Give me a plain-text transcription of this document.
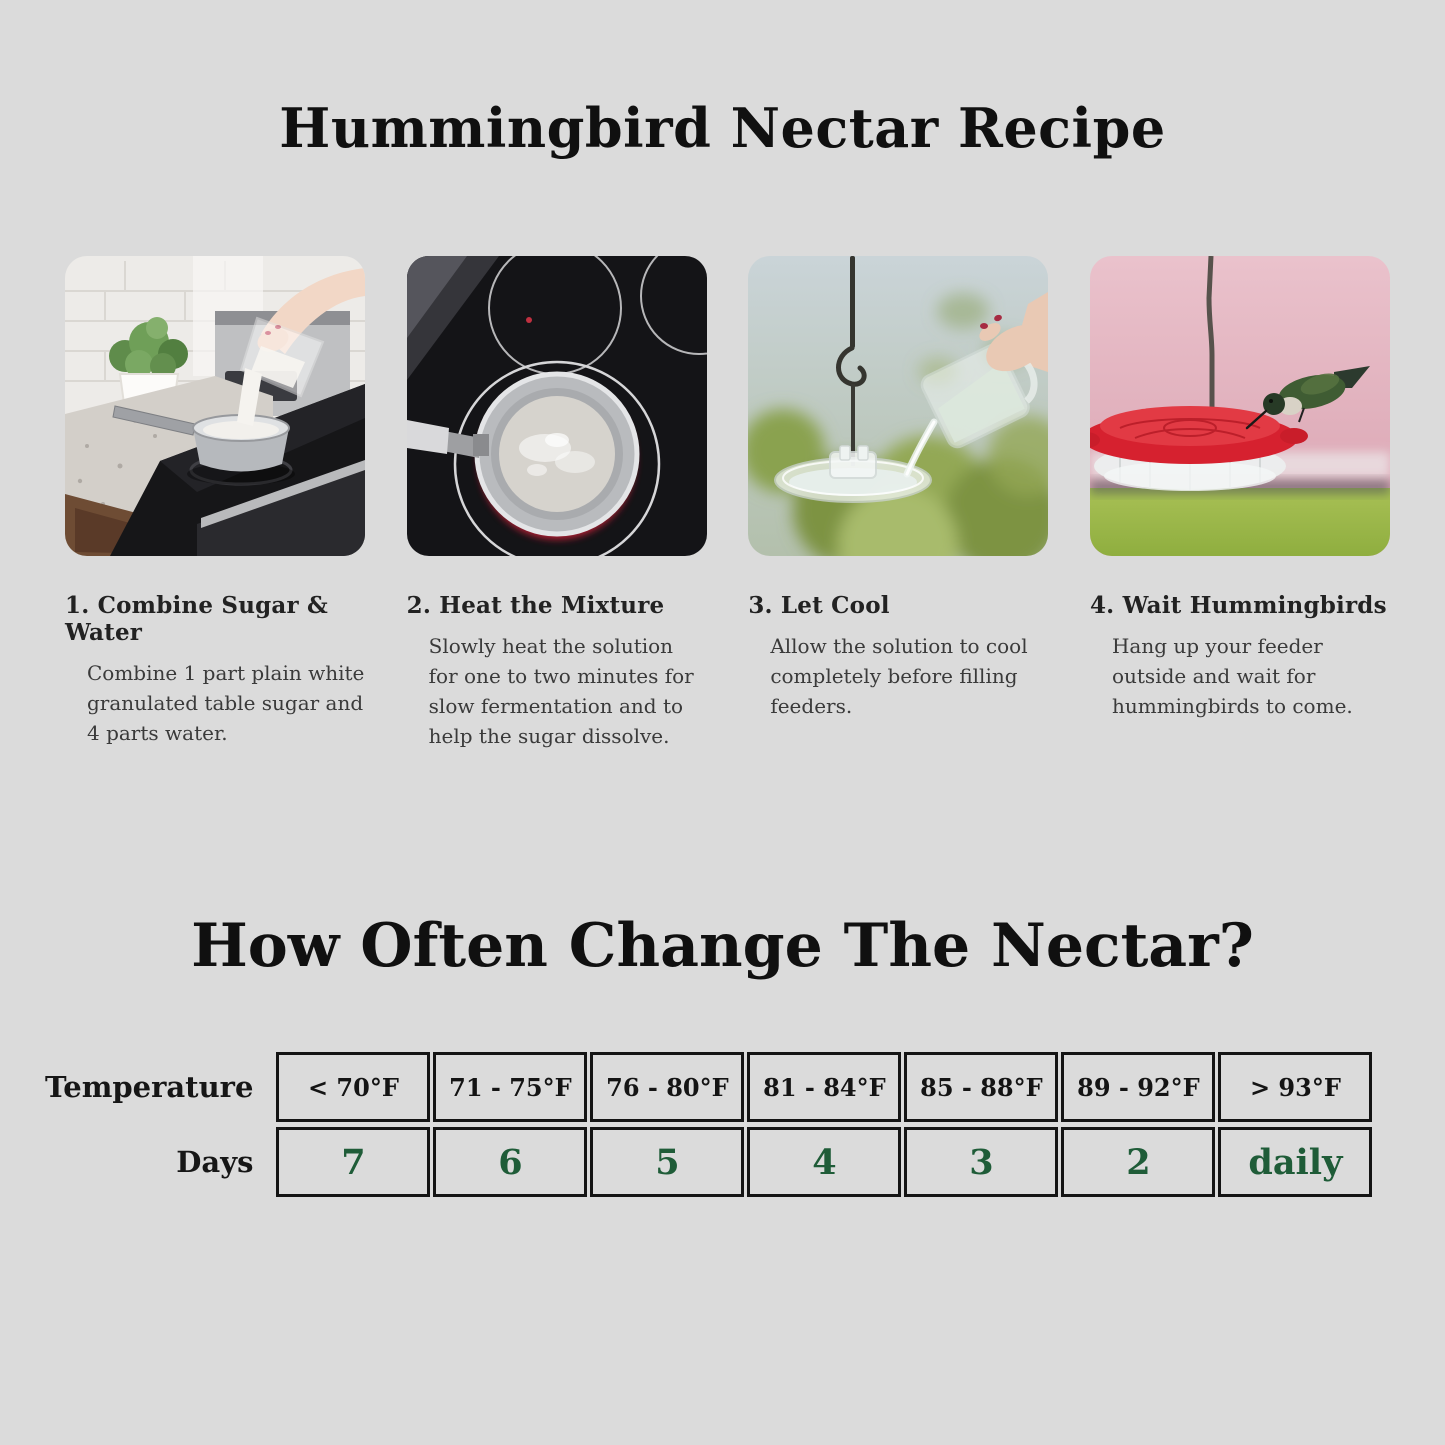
Hummingbird Nectar Recipe
1. Combine Sugar & Water
Combine 1 part plain white granulated table sugar and 4 parts water.
2. Heat the Mixture
Slowly heat the solution for one to two minutes for slow fermentation and to help the sugar dissolve.
3. Let Cool
Allow the solution to cool completely before filling feeders.
4. Wait Hummingbirds
Hang up your feeder outside and wait for hummingbirds to come.
How Often Change The Nectar?
Temperature	< 70°F	71 - 75°F	76 - 80°F	81 - 84°F	85 - 88°F	89 - 92°F	> 93°F
Days	7	6	5	4	3	2	daily
